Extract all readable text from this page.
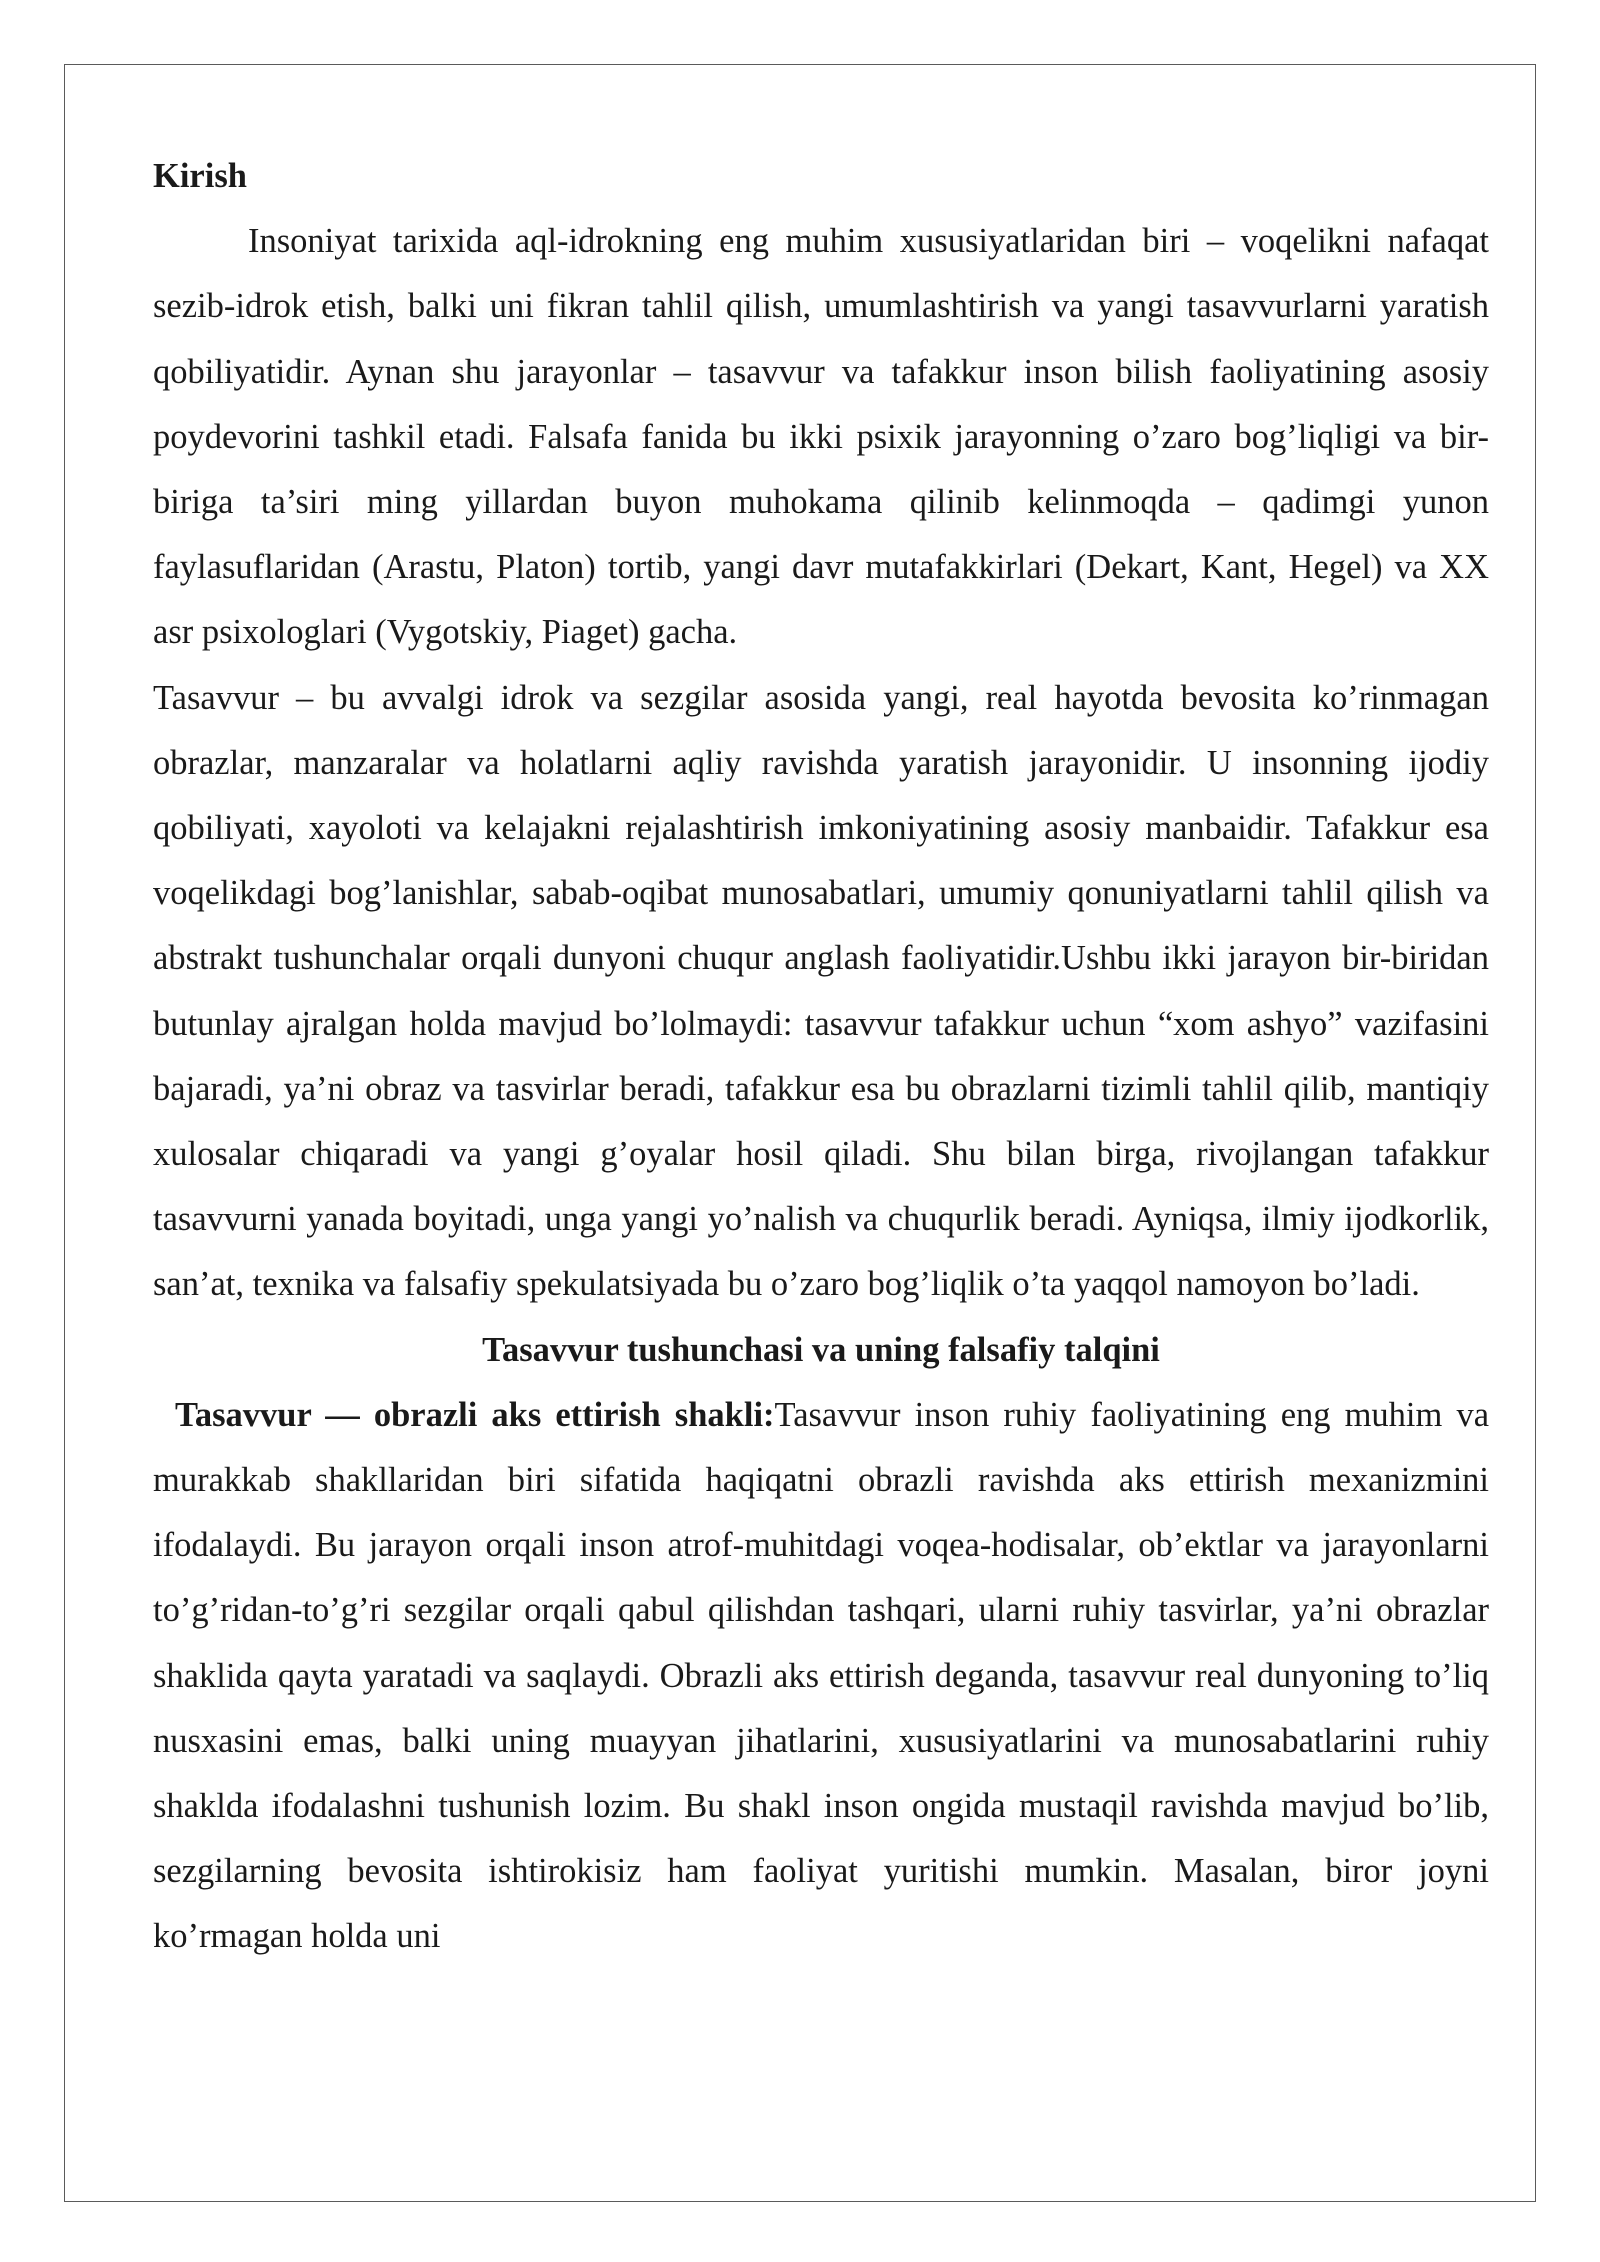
Kirish

Insoniyat tarixida aql-idrokning eng muhim xususiyatlaridan biri – voqelikni nafaqat sezib-idrok etish, balki uni fikran tahlil qilish, umumlashtirish va yangi tasavvurlarni yaratish qobiliyatidir. Aynan shu jarayonlar – tasavvur va tafakkur inson bilish faoliyatining asosiy poydevorini tashkil etadi. Falsafa fanida bu ikki psixik jarayonning o’zaro bog’liqligi va bir-biriga ta’siri ming yillardan buyon muhokama qilinib kelinmoqda – qadimgi yunon faylasuflaridan (Arastu, Platon) tortib, yangi davr mutafakkirlari (Dekart, Kant, Hegel) va XX asr psixologlari (Vygotskiy, Piaget) gacha.

Tasavvur – bu avvalgi idrok va sezgilar asosida yangi, real hayotda bevosita ko’rinmagan obrazlar, manzaralar va holatlarni aqliy ravishda yaratish jarayonidir. U insonning ijodiy qobiliyati, xayoloti va kelajakni rejalashtirish imkoniyatining asosiy manbaidir. Tafakkur esa voqelikdagi bog’lanishlar, sabab-oqibat munosabatlari, umumiy qonuniyatlarni tahlil qilish va abstrakt tushunchalar orqali dunyoni chuqur anglash faoliyatidir.Ushbu ikki jarayon bir-biridan butunlay ajralgan holda mavjud bo’lolmaydi: tasavvur tafakkur uchun “xom ashyo” vazifasini bajaradi, ya’ni obraz va tasvirlar beradi, tafakkur esa bu obrazlarni tizimli tahlil qilib, mantiqiy xulosalar chiqaradi va yangi g’oyalar hosil qiladi. Shu bilan birga, rivojlangan tafakkur tasavvurni yanada boyitadi, unga yangi yo’nalish va chuqurlik beradi. Ayniqsa, ilmiy ijodkorlik, san’at, texnika va falsafiy spekulatsiyada bu o’zaro bog’liqlik o’ta yaqqol namoyon bo’ladi.

Tasavvur tushunchasi va uning falsafiy talqini

Tasavvur — obrazli aks ettirish shakli:Tasavvur inson ruhiy faoliyatining eng muhim va murakkab shakllaridan biri sifatida haqiqatni obrazli ravishda aks ettirish mexanizmini ifodalaydi. Bu jarayon orqali inson atrof-muhitdagi voqea-hodisalar, ob’ektlar va jarayonlarni to’g’ridan-to’g’ri sezgilar orqali qabul qilishdan tashqari, ularni ruhiy tasvirlar, ya’ni obrazlar shaklida qayta yaratadi va saqlaydi. Obrazli aks ettirish deganda, tasavvur real dunyoning to’liq nusxasini emas, balki uning muayyan jihatlarini, xususiyatlarini va munosabatlarini ruhiy shaklda ifodalashni tushunish lozim. Bu shakl inson ongida mustaqil ravishda mavjud bo’lib, sezgilarning bevosita ishtirokisiz ham faoliyat yuritishi mumkin. Masalan, biror joyni ko’rmagan holda uni
